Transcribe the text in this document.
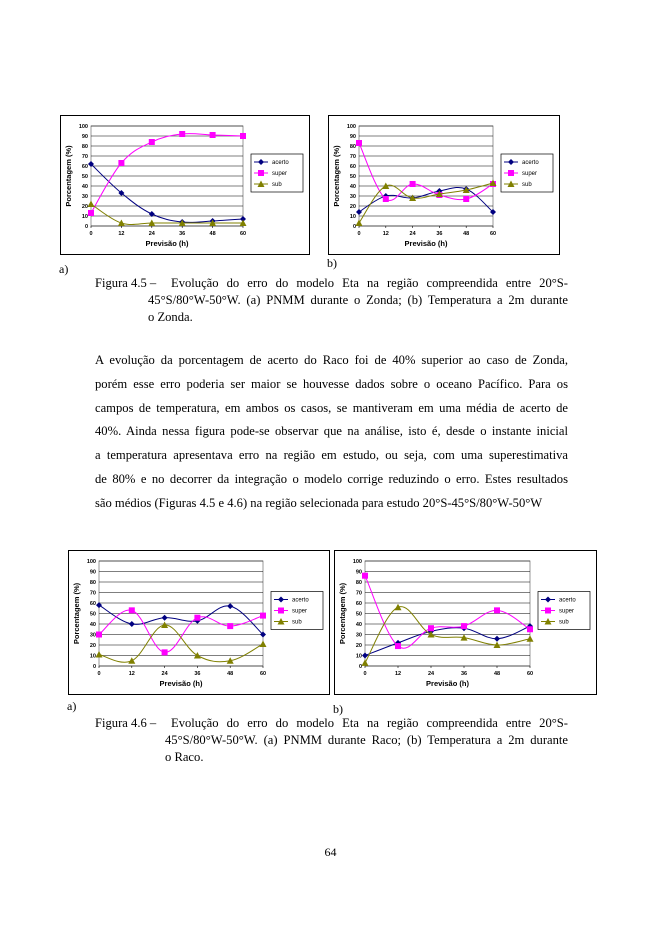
0
10
20
30
40
50
60
70
80
90
100
0	12	24	36	48	60
Previsão (h)
Porcentagem (%)	acerto
super
sub
0
10
20
30
40
50
60
70
80
90
100
0	12	24	36	48	60
Previsão (h)
Porcentagem (%)	acerto
super
sub
a)	b)
Figura 4.5 – Evolução do erro do modelo Eta na região compreendida entre 20°S-
45°S/80°W-50°W. (a) PNMM durante o Zonda; (b) Temperatura a 2m durante
o Zonda.
A evolução da porcentagem de acerto do Raco foi de 40% superior ao caso de Zonda,
porém esse erro poderia ser maior se houvesse dados sobre o oceano Pacífico. Para os
campos de temperatura, em ambos os casos, se mantiveram em uma média de acerto de
40%. Ainda nessa figura pode-se observar que na análise, isto é, desde o instante inicial
a temperatura apresentava erro na região em estudo, ou seja, com uma superestimativa
de 80% e no decorrer da integração o modelo corrige reduzindo o erro. Estes resultados
são médios (Figuras 4.5 e 4.6) na região selecionada para estudo 20°S-45°S/80°W-50°W
0
10
20
30
40
50
60
70
80
90
100
0	12	24	36	48	60
Previsão (h)
Porcentagem (%)	acerto
super
sub
0
10
20
30
40
50
60
70
80
90
100
0	12	24	36	48	60
Previsão (h)
Porcentagem (%)	acerto
super
sub
a)	b)
Figura 4.6 – Evolução do erro do modelo Eta na região compreendida entre 20°S-
45°S/80°W-50°W. (a) PNMM durante Raco; (b) Temperatura a 2m durante
o Raco.
64
